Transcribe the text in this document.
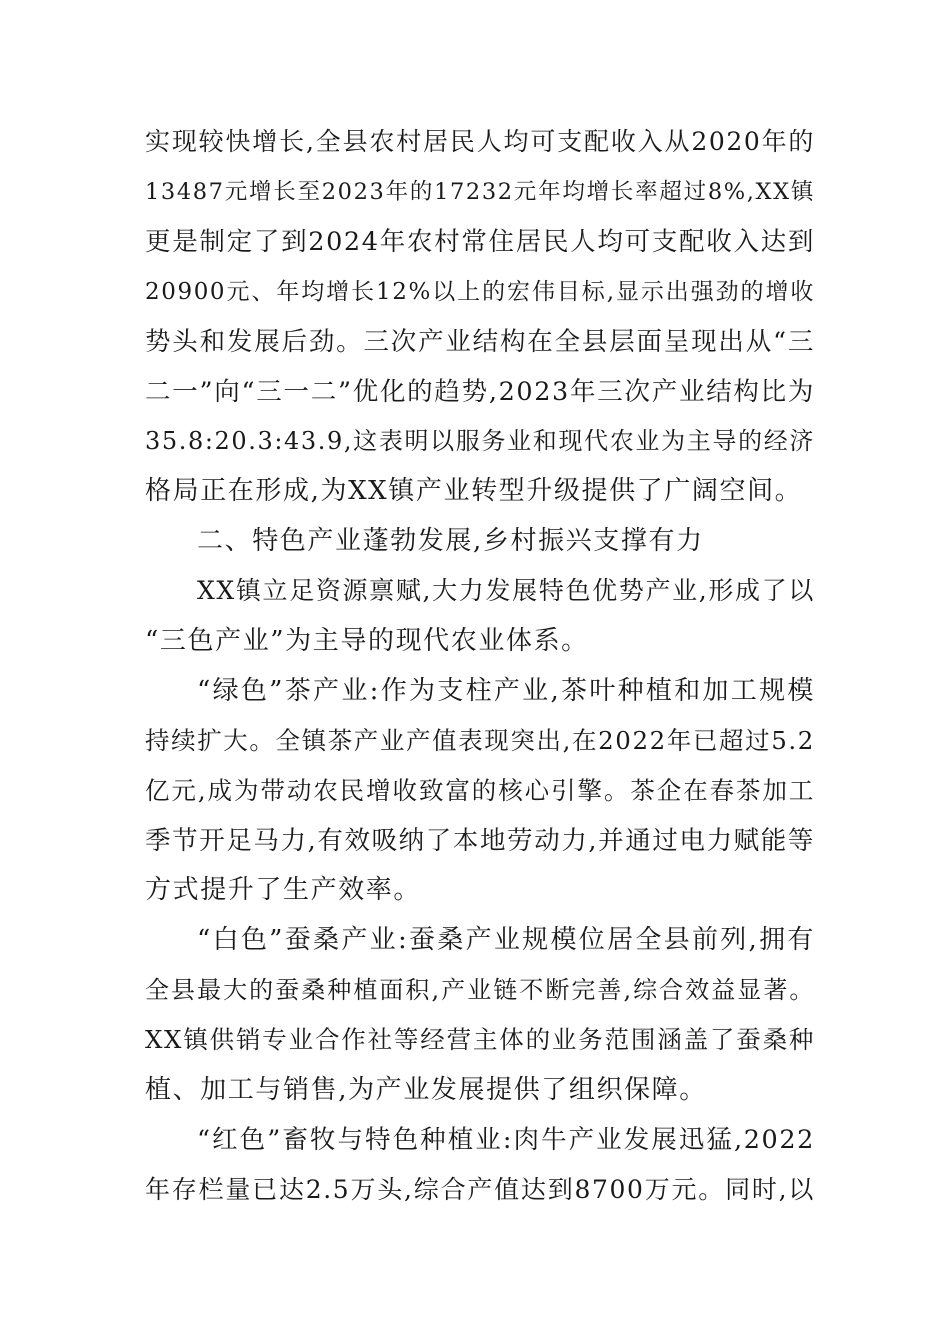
实现较快增长,全县农村居民人均可支配收入从2020年的
13487元增长至2023年的17232元年均增长率超过8%,XX镇
更是制定了到2024年农村常住居民人均可支配收入达到
20900元、年均增长12%以上的宏伟目标,显示出强劲的增收
势头和发展后劲。三次产业结构在全县层面呈现出从“三
二一”向“三一二”优化的趋势,2023年三次产业结构比为
35.8:20.3:43.9,这表明以服务业和现代农业为主导的经济
格局正在形成,为XX镇产业转型升级提供了广阔空间。
二、特色产业蓬勃发展,乡村振兴支撑有力
XX镇立足资源禀赋,大力发展特色优势产业,形成了以
“三色产业”为主导的现代农业体系。
“绿色”茶产业:作为支柱产业,茶叶种植和加工规模
持续扩大。全镇茶产业产值表现突出,在2022年已超过5.2
亿元,成为带动农民增收致富的核心引擎。茶企在春茶加工
季节开足马力,有效吸纳了本地劳动力,并通过电力赋能等
方式提升了生产效率。
“白色”蚕桑产业:蚕桑产业规模位居全县前列,拥有
全县最大的蚕桑种植面积,产业链不断完善,综合效益显著。
XX镇供销专业合作社等经营主体的业务范围涵盖了蚕桑种
植、加工与销售,为产业发展提供了组织保障。
“红色”畜牧与特色种植业:肉牛产业发展迅猛,2022
年存栏量已达2.5万头,综合产值达到8700万元。同时,以
